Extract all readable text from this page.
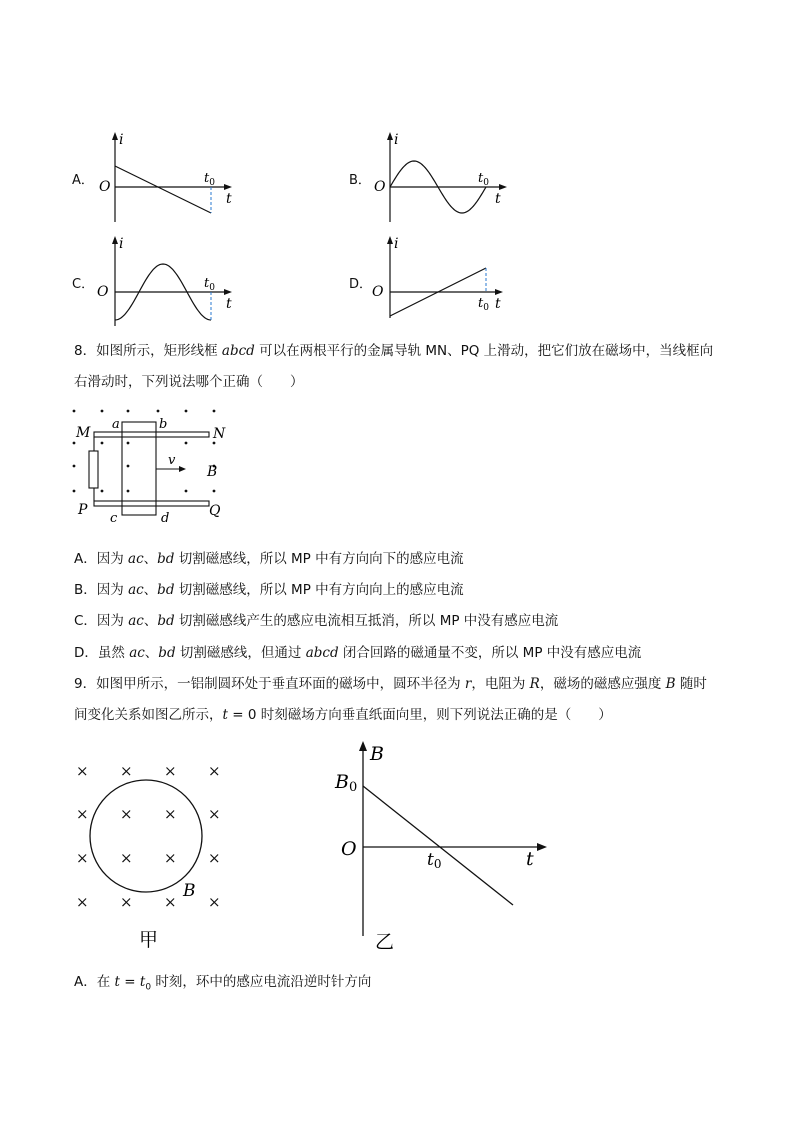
A．
i
O
t
$t_0$	B．
i
O
t
$t_0$
C．
i
O
t
$t_0$	D．
i
O
t
$t_0$
8．如图所示，矩形线框 abcd 可以在两根平行的金属导轨 MN、PQ 上滑动，把它们放在磁场中，当线框向
右滑动时，下列说法哪个正确（　　）
M	N
P	Q
a	b
c	d
v
B
A．因为 ac、bd 切割磁感线，所以 MP 中有方向向下的感应电流
B．因为 ac、bd 切割磁感线，所以 MP 中有方向向上的感应电流
C．因为 ac、bd 切割磁感线产生的感应电流相互抵消，所以 MP 中没有感应电流
D．虽然 ac、bd 切割磁感线，但通过 abcd 闭合回路的磁通量不变，所以 MP 中没有感应电流
9．如图甲所示，一铝制圆环处于垂直环面的磁场中，圆环半径为 r，电阻为 R，磁场的磁感应强度 B 随时
间变化关系如图乙所示，t = 0 时刻磁场方向垂直纸面向里，则下列说法正确的是（　　）
× × × ×
× × × ×
× × × ×
× × × ×
B
甲
B
B0
O	t
t0
乙
A．在 $t = t_0$ 时刻，环中的感应电流沿逆时针方向
